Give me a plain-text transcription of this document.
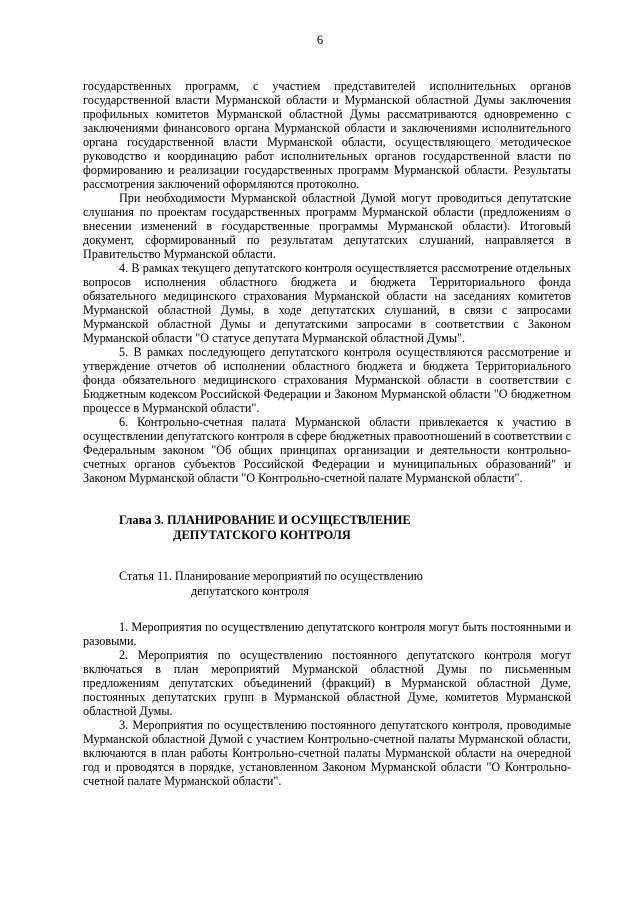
6

государственных программ, с участием представителей исполнительных органов государственной власти Мурманской области и Мурманской областной Думы заключения профильных комитетов Мурманской областной Думы рассматриваются одновременно с заключениями финансового органа Мурманской области и заключениями исполнительного органа государственной власти Мурманской области, осуществляющего методическое руководство и координацию работ исполнительных органов государственной власти по формированию и реализации государственных программ Мурманской области. Результаты рассмотрения заключений оформляются протоколно.

При необходимости Мурманской областной Думой могут проводиться депутатские слушания по проектам государственных программ Мурманской области (предложениям о внесении изменений в государственные программы Мурманской области). Итоговый документ, сформированный по результатам депутатских слушаний, направляется в Правительство Мурманской области.

4. В рамках текущего депутатского контроля осуществляется рассмотрение отдельных вопросов исполнения областного бюджета и бюджета Территориального фонда обязательного медицинского страхования Мурманской области на заседаниях комитетов Мурманской областной Думы, в ходе депутатских слушаний, в связи с запросами Мурманской областной Думы и депутатскими запросами в соответствии с Законом Мурманской области "О статусе депутата Мурманской областной Думы".

5. В рамках последующего депутатского контроля осуществляются рассмотрение и утверждение отчетов об исполнении областного бюджета и бюджета Территориального фонда обязательного медицинского страхования Мурманской области в соответствии с Бюджетным кодексом Российской Федерации и Законом Мурманской области "О бюджетном процессе в Мурманской области".

6. Контрольно-счетная палата Мурманской области привлекается к участию в осуществлении депутатского контроля в сфере бюджетных правоотношений в соответствии с Федеральным законом "Об общих принципах организации и деятельности контрольно-счетных органов субъектов Российской Федерации и муниципальных образований" и Законом Мурманской области "О Контрольно-счетной палате Мурманской области".

Глава 3. ПЛАНИРОВАНИЕ И ОСУЩЕСТВЛЕНИЕ
ДЕПУТАТСКОГО КОНТРОЛЯ
Статья 11. Планирование мероприятий по осуществлению
депутатского контроля

1. Мероприятия по осуществлению депутатского контроля могут быть постоянными и разовыми.

2. Мероприятия по осуществлению постоянного депутатского контроля могут включаться в план мероприятий Мурманской областной Думы по письменным предложениям депутатских объединений (фракций) в Мурманской областной Думе, постоянных депутатских групп в Мурманской областной Думе, комитетов Мурманской областной Думы.

3. Мероприятия по осуществлению постоянного депутатского контроля, проводимые Мурманской областной Думой с участием Контрольно-счетной палаты Мурманской области, включаются в план работы Контрольно-счетной палаты Мурманской области на очередной год и проводятся в порядке, установленном Законом Мурманской области "О Контрольно-счетной палате Мурманской области".
